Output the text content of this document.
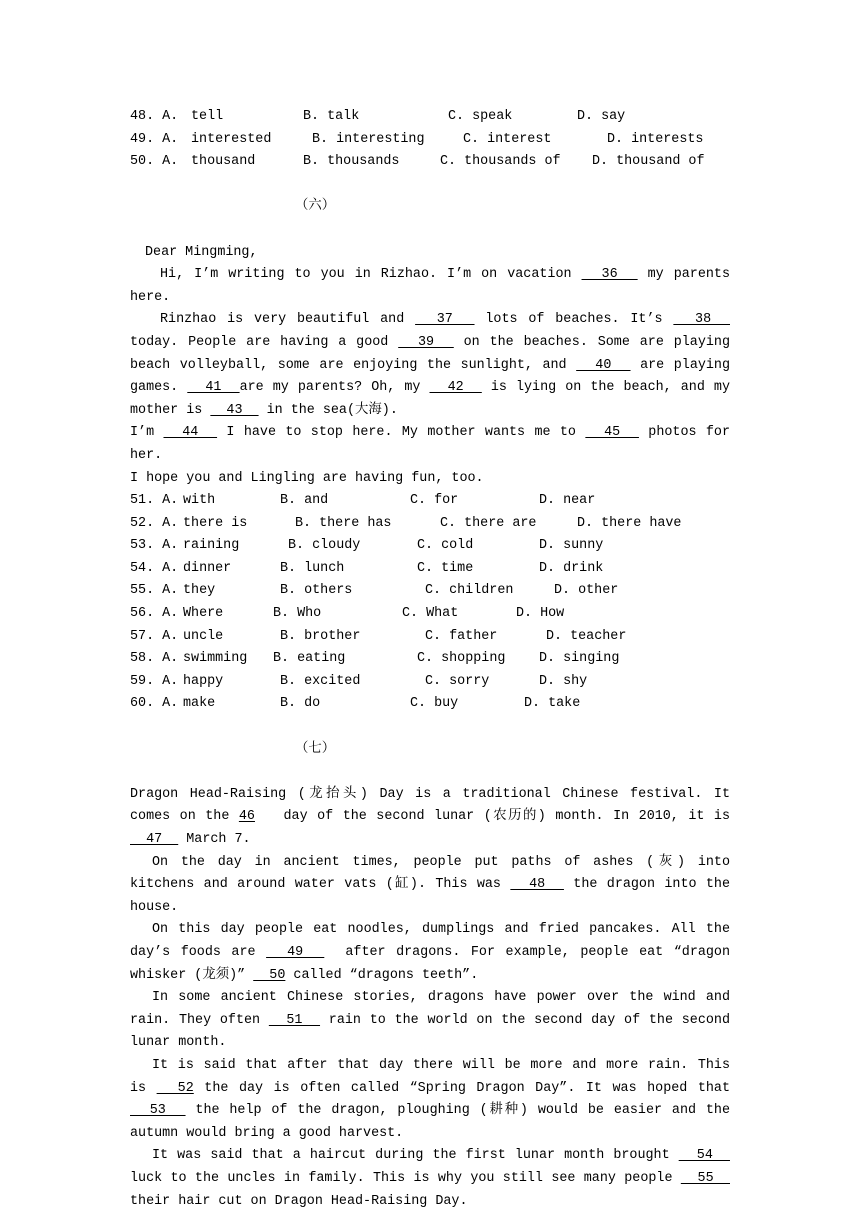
48. A. tell	B. talk	C. speak	D. say
49. A. interested	B. interesting	C. interest	D. interests
50. A. thousand	B. thousands	C. thousands of D. thousand of
（六）
Dear Mingming,
Hi, I’m writing to you in Rizhao. I’m on vacation   36   my parents here.
Rinzhao is very beautiful and   37   lots of beaches. It’s   38   today. People are having a good   39   on the beaches. Some are playing beach volleyball, some are enjoying the sunlight, and   40   are playing games.   41  are my parents? Oh, my   42   is lying on the beach, and my mother is   43   in the sea(大海).
I’m   44   I have to stop here. My mother wants me to   45   photos for her.
I hope you and Lingling are having fun, too.
51. A. with	B. and	C. for	D. near
52. A. there is	B. there has	C. there are	D. there have
53. A. raining	B. cloudy	C. cold	D. sunny
54. A. dinner	B. lunch	C. time	D. drink
55. A. they	B. others	C. children	D. other
56. A. Where	B. Who	C. What	D. How
57. A. uncle	B. brother	C. father	D. teacher
58. A. swimming B. eating	C. shopping	D. singing
59. A. happy	B. excited	C. sorry	D. shy
60. A. make	B. do	C. buy	D. take
（七）
Dragon Head-Raising (龙抬头) Day is a traditional Chinese festival. It comes on the 46   day of the second lunar (农历的) month. In 2010, it is   47   March 7.
On the day in ancient times, people put paths of ashes (灰) into kitchens and around water vats (缸). This was   48   the dragon into the house.
On this day people eat noodles, dumplings and fried pancakes. All the day’s foods are   49    after dragons. For example, people eat “dragon whisker (龙须)”   50 called “dragons teeth”.
In some ancient Chinese stories, dragons have power over the wind and rain. They often   51   rain to the world on the second day of the second lunar month.
It is said that after that day there will be more and more rain. This is   52 the day is often called “Spring Dragon Day”. It was hoped that   53   the help of the dragon, ploughing (耕种) would be easier and the autumn would bring a good harvest.
It was said that a haircut during the first lunar month brought   54   luck to the uncles in family. This is why you still see many people   55   their hair cut on Dragon Head-Raising Day.
